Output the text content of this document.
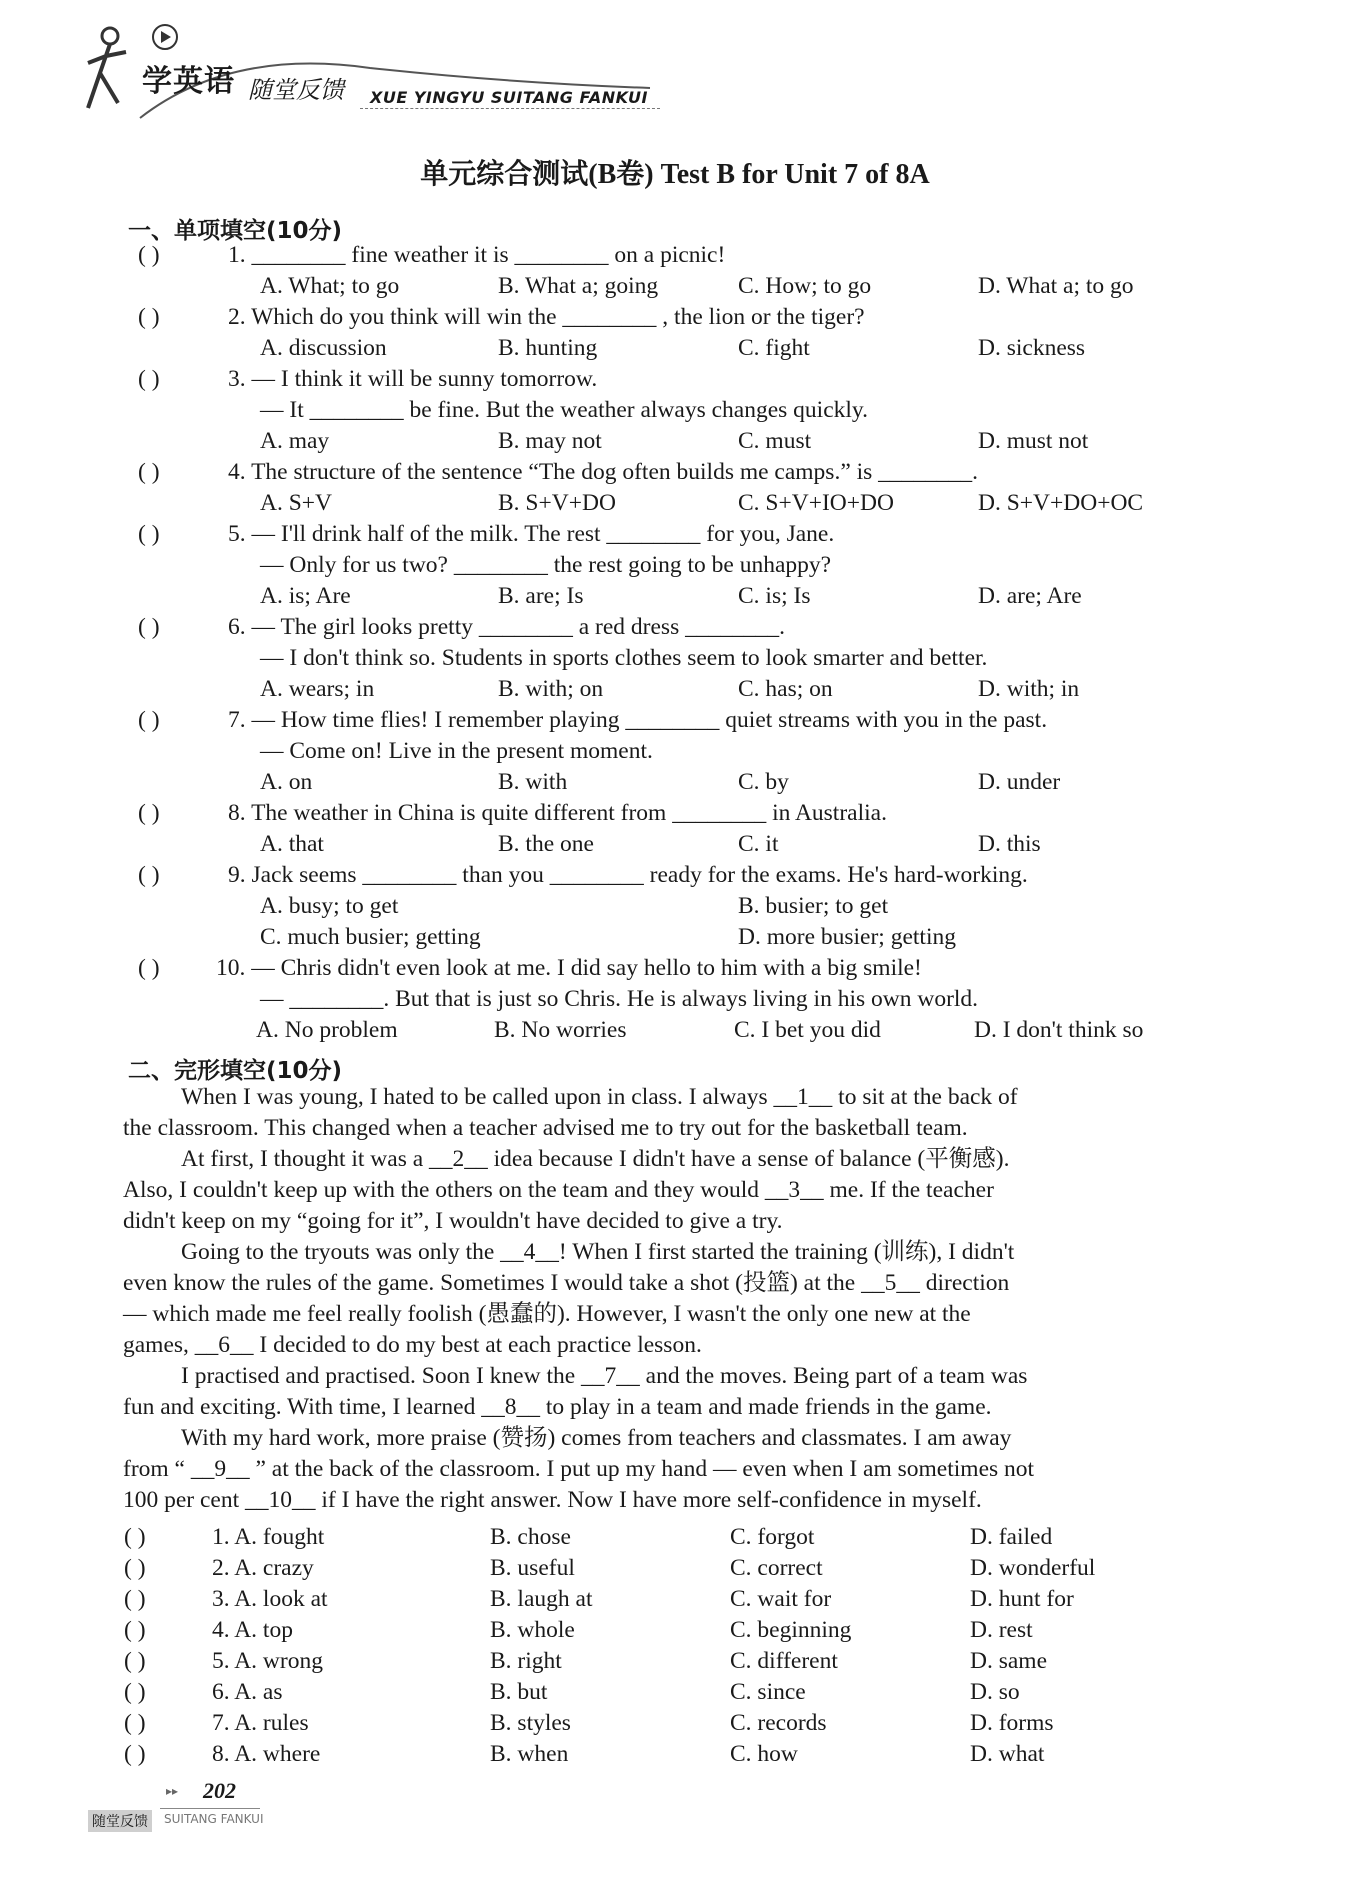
学英语 随堂反馈 XUE YINGYU SUITANG FANKUI
单元综合测试(B卷) Test B for Unit 7 of 8A
一、单项填空(10分)
( )	1. ________ fine weather it is ________ on a picnic!
A. What; to go	B. What a; going	C. How; to go	D. What a; to go
( )	2. Which do you think will win the ________ , the lion or the tiger?
A. discussion	B. hunting	C. fight	D. sickness
( )	3. — I think it will be sunny tomorrow.
— It ________ be fine. But the weather always changes quickly.
A. may	B. may not	C. must	D. must not
( )	4. The structure of the sentence “The dog often builds me camps.” is ________.
A. S+V	B. S+V+DO	C. S+V+IO+DO	D. S+V+DO+OC
( )	5. — I'll drink half of the milk. The rest ________ for you, Jane.
— Only for us two? ________ the rest going to be unhappy?
A. is; Are	B. are; Is	C. is; Is	D. are; Are
( )	6. — The girl looks pretty ________ a red dress ________.
— I don't think so. Students in sports clothes seem to look smarter and better.
A. wears; in	B. with; on	C. has; on	D. with; in
( )	7. — How time flies! I remember playing ________ quiet streams with you in the past.
— Come on! Live in the present moment.
A. on	B. with	C. by	D. under
( )	8. The weather in China is quite different from ________ in Australia.
A. that	B. the one	C. it	D. this
( )	9. Jack seems ________ than you ________ ready for the exams. He's hard-working.
A. busy; to get	B. busier; to get
C. much busier; getting	D. more busier; getting
( ) 10. — Chris didn't even look at me. I did say hello to him with a big smile!
— ________. But that is just so Chris. He is always living in his own world.
A. No problem	B. No worries	C. I bet you did	D. I don't think so
二、完形填空(10分)
When I was young, I hated to be called upon in class. I always __1__ to sit at the back of
the classroom. This changed when a teacher advised me to try out for the basketball team.
At first, I thought it was a __2__ idea because I didn't have a sense of balance (平衡感).
Also, I couldn't keep up with the others on the team and they would __3__ me. If the teacher
didn't keep on my “going for it”, I wouldn't have decided to give a try.
Going to the tryouts was only the __4__! When I first started the training (训练), I didn't
even know the rules of the game. Sometimes I would take a shot (投篮) at the __5__ direction
— which made me feel really foolish (愚蠢的). However, I wasn't the only one new at the
games, __6__ I decided to do my best at each practice lesson.
I practised and practised. Soon I knew the __7__ and the moves. Being part of a team was
fun and exciting. With time, I learned __8__ to play in a team and made friends in the game.
With my hard work, more praise (赞扬) comes from teachers and classmates. I am away
from “ __9__ ” at the back of the classroom. I put up my hand — even when I am sometimes not
100 per cent __10__ if I have the right answer. Now I have more self-confidence in myself.
( )	1. A. fought	B. chose	C. forgot	D. failed
( )	2. A. crazy	B. useful	C. correct	D. wonderful
( )	3. A. look at	B. laugh at	C. wait for	D. hunt for
( )	4. A. top	B. whole	C. beginning	D. rest
( )	5. A. wrong	B. right	C. different	D. same
( )	6. A. as	B. but	C. since	D. so
( )	7. A. rules	B. styles	C. records	D. forms
( )	8. A. where	B. when	C. how	D. what
▸▸ 202
随堂反馈	SUITANG FANKUI
